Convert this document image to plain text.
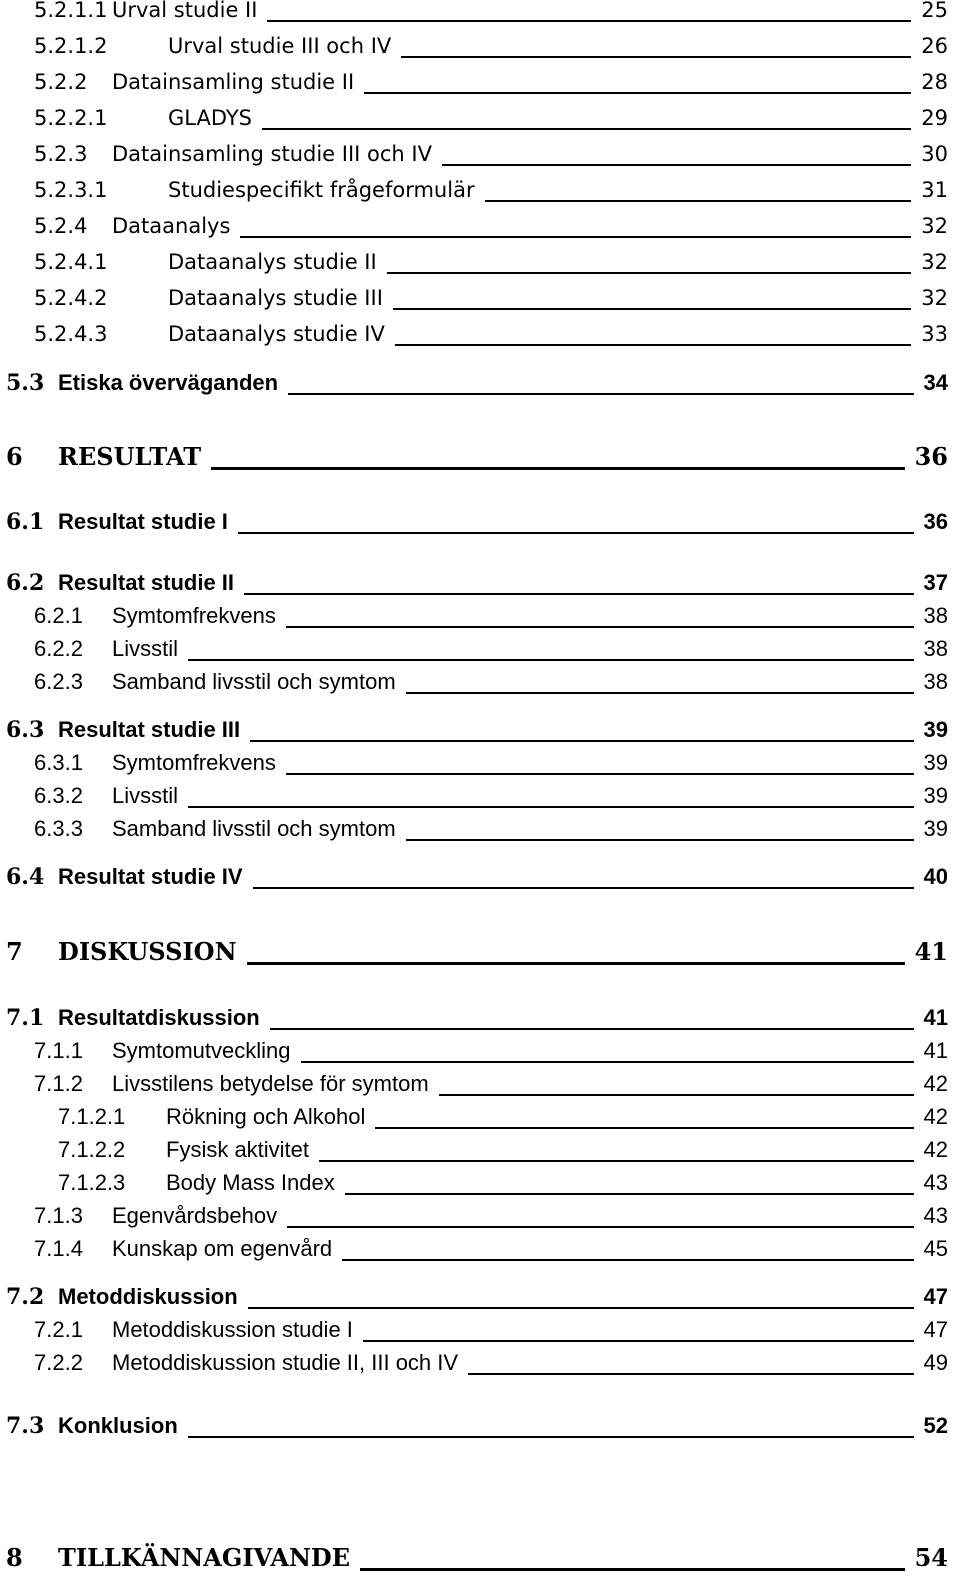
5.2.1.1 Urval studie II	25
5.2.1.2	Urval studie III och IV	26
5.2.2 Datainsamling studie II	28
5.2.2.1	GLADYS	29
5.2.3 Datainsamling studie III och IV	30
5.2.3.1	Studiespecifikt frågeformulär	31
5.2.4 Dataanalys	32
5.2.4.1	Dataanalys studie II	32
5.2.4.2	Dataanalys studie III	32
5.2.4.3	Dataanalys studie IV	33
5.3 Etiska överväganden	34
6 RESULTAT	36
6.1 Resultat studie I	36
6.2 Resultat studie II	37
6.2.1 Symtomfrekvens	38
6.2.2 Livsstil	38
6.2.3 Samband livsstil och symtom	38
6.3 Resultat studie III	39
6.3.1 Symtomfrekvens	39
6.3.2 Livsstil	39
6.3.3 Samband livsstil och symtom	39
6.4 Resultat studie IV	40
7 DISKUSSION	41
7.1 Resultatdiskussion	41
7.1.1 Symtomutveckling	41
7.1.2 Livsstilens betydelse för symtom	42
7.1.2.1 Rökning och Alkohol	42
7.1.2.2 Fysisk aktivitet	42
7.1.2.3 Body Mass Index	43
7.1.3 Egenvårdsbehov	43
7.1.4 Kunskap om egenvård	45
7.2 Metoddiskussion	47
7.2.1 Metoddiskussion studie I	47
7.2.2 Metoddiskussion studie II, III och IV	49
7.3 Konklusion	52
8 TILLKÄNNAGIVANDE	54
